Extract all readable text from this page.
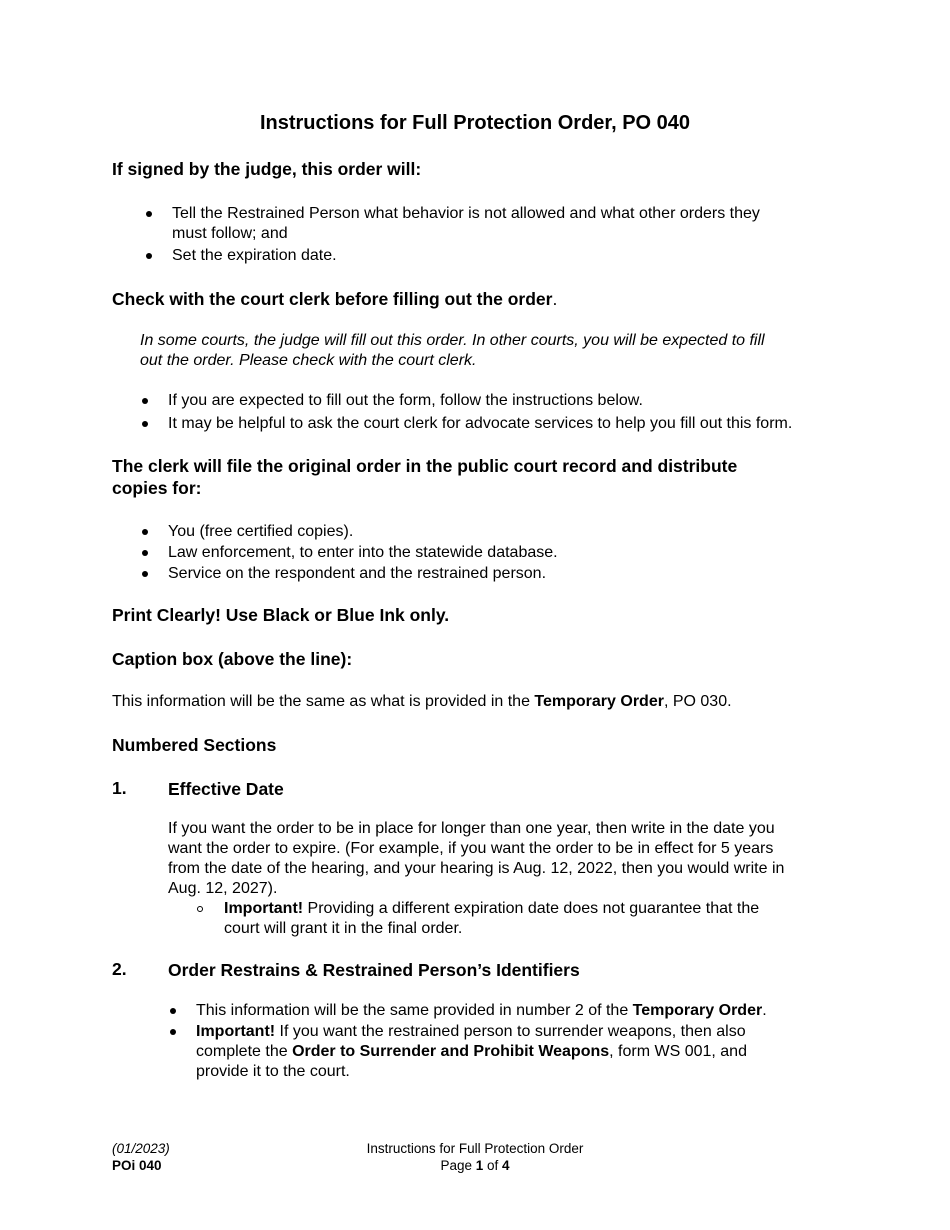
Instructions for Full Protection Order, PO 040
If signed by the judge, this order will:
Tell the Restrained Person what behavior is not allowed and what other orders they
must follow; and
Set the expiration date.
Check with the court clerk before filling out the order.
In some courts, the judge will fill out this order. In other courts, you will be expected to fill
out the order. Please check with the court clerk.
If you are expected to fill out the form, follow the instructions below.
It may be helpful to ask the court clerk for advocate services to help you fill out this form.
The clerk will file the original order in the public court record and distribute
copies for:
You (free certified copies).
Law enforcement, to enter into the statewide database.
Service on the respondent and the restrained person.
Print Clearly! Use Black or Blue Ink only.
Caption box (above the line):
This information will be the same as what is provided in the Temporary Order, PO 030.
Numbered Sections
1. Effective Date
If you want the order to be in place for longer than one year, then write in the date you
want the order to expire. (For example, if you want the order to be in effect for 5 years
from the date of the hearing, and your hearing is Aug. 12, 2022, then you would write in
Aug. 12, 2027).
Important! Providing a different expiration date does not guarantee that the
court will grant it in the final order.
2. Order Restrains & Restrained Person’s Identifiers
This information will be the same provided in number 2 of the Temporary Order.
Important! If you want the restrained person to surrender weapons, then also
complete the Order to Surrender and Prohibit Weapons, form WS 001, and
provide it to the court.
(01/2023)
POi 040
Instructions for Full Protection Order
Page 1 of 4
